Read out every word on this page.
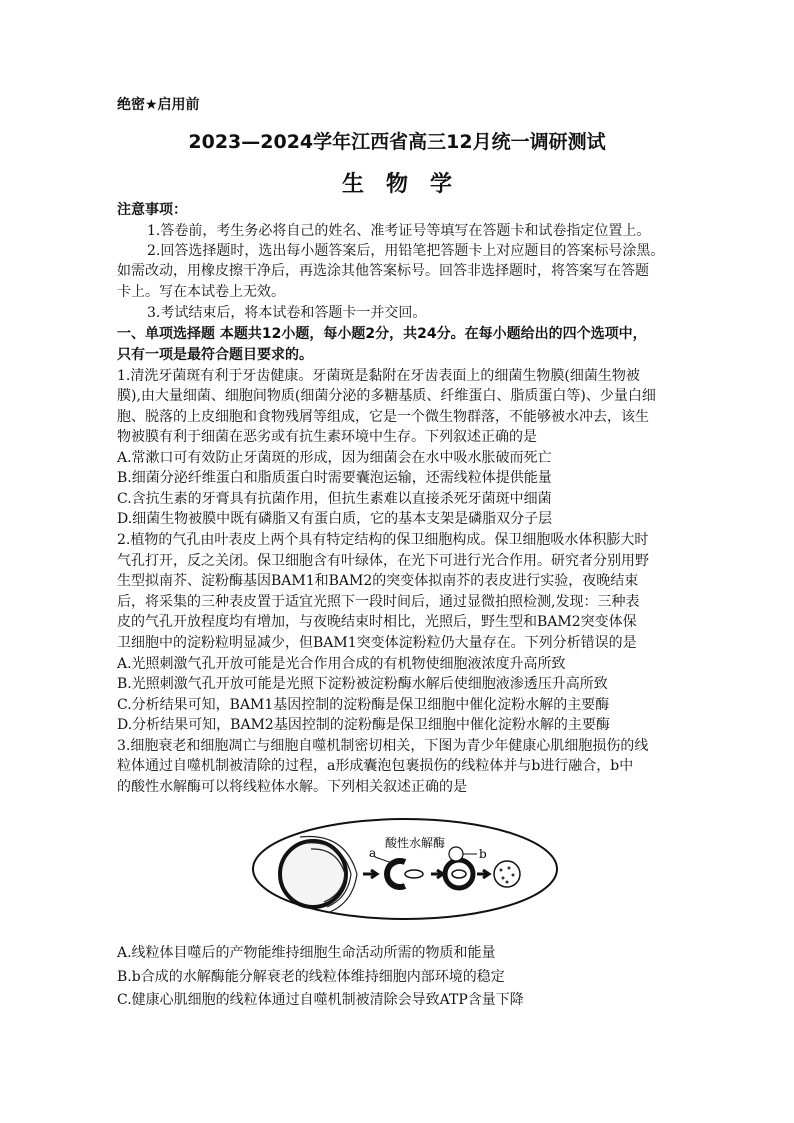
绝密★启用前
2023—2024学年江西省高三12月统一调研测试
生　物　学
注意事项：
1.答卷前，考生务必将自己的姓名、准考证号等填写在答题卡和试卷指定位置上。
2.回答选择题时，选出每小题答案后，用铅笔把答题卡上对应题目的答案标号涂黑。
如需改动，用橡皮擦干净后，再选涂其他答案标号。回答非选择题时，将答案写在答题
卡上。写在本试卷上无效。
3.考试结束后，将本试卷和答题卡一并交回。
一、单项选择题 本题共12小题，每小题2分，共24分。在每小题给出的四个选项中，
只有一项是最符合题目要求的。
1.清洗牙菌斑有利于牙齿健康。牙菌斑是黏附在牙齿表面上的细菌生物膜(细菌生物被
膜),由大量细菌、细胞间物质(细菌分泌的多糖基质、纤维蛋白、脂质蛋白等)、少量白细
胞、脱落的上皮细胞和食物残屑等组成，它是一个微生物群落，不能够被水冲去，该生
物被膜有利于细菌在恶劣或有抗生素环境中生存。下列叙述正确的是
A.常漱口可有效防止牙菌斑的形成，因为细菌会在水中吸水胀破而死亡
B.细菌分泌纤维蛋白和脂质蛋白时需要囊泡运输，还需线粒体提供能量
C.含抗生素的牙膏具有抗菌作用，但抗生素难以直接杀死牙菌斑中细菌
D.细菌生物被膜中既有磷脂又有蛋白质，它的基本支架是磷脂双分子层
2.植物的气孔由叶表皮上两个具有特定结构的保卫细胞构成。保卫细胞吸水体积膨大时
气孔打开，反之关闭。保卫细胞含有叶绿体，在光下可进行光合作用。研究者分别用野
生型拟南芥、淀粉酶基因BAM1和BAM2的突变体拟南芥的表皮进行实验，夜晚结束
后，将采集的三种表皮置于适宜光照下一段时间后，通过显微拍照检测,发现：三种表
皮的气孔开放程度均有增加，与夜晚结束时相比，光照后，野生型和BAM2突变体保
卫细胞中的淀粉粒明显减少，但BAM1突变体淀粉粒仍大量存在。下列分析错误的是
A.光照刺激气孔开放可能是光合作用合成的有机物使细胞液浓度升高所致
B.光照刺激气孔开放可能是光照下淀粉被淀粉酶水解后使细胞液渗透压升高所致
C.分析结果可知，BAM1基因控制的淀粉酶是保卫细胞中催化淀粉水解的主要酶
D.分析结果可知，BAM2基因控制的淀粉酶是保卫细胞中催化淀粉水解的主要酶
3.细胞衰老和细胞凋亡与细胞自噬机制密切相关，下图为青少年健康心肌细胞损伤的线
粒体通过自噬机制被清除的过程，a形成囊泡包裹损伤的线粒体并与b进行融合，b中
的酸性水解酶可以将线粒体水解。下列相关叙述正确的是
酸性水解酶
a	b
A.线粒体目噬后的产物能维持细胞生命活动所需的物质和能量
B.b合成的水解酶能分解衰老的线粒体维持细胞内部环境的稳定
C.健康心肌细胞的线粒体通过自噬机制被清除会导致ATP含量下降
